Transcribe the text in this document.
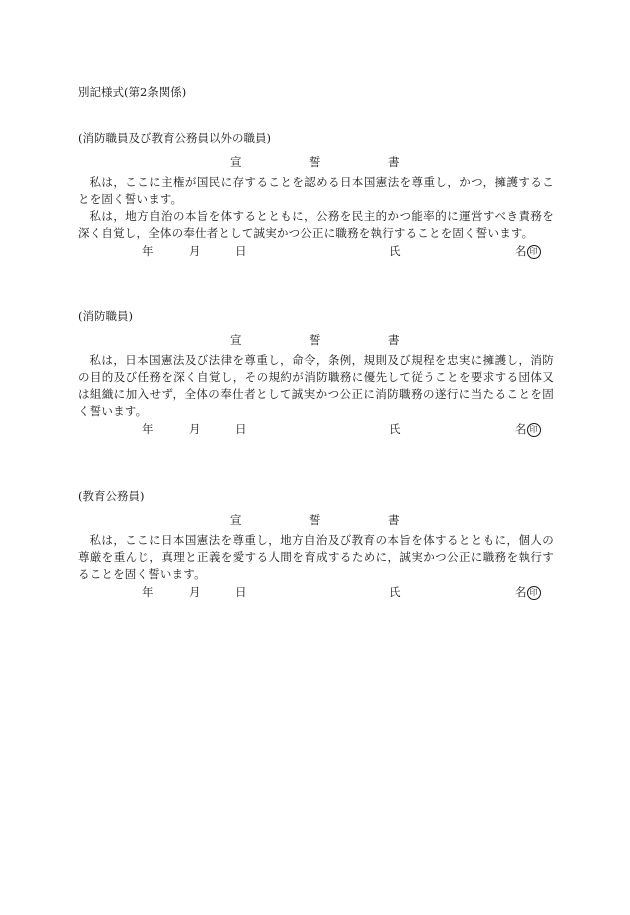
別記様式(第2条関係)
(消防職員及び教育公務員以外の職員)
宣	誓	書

私は，ここに主権が国民に存することを認める日本国憲法を尊重し，かつ，擁護することを固く誓います。

私は，地方自治の本旨を体するとともに，公務を民主的かつ能率的に運営すべき責務を深く自覚し，全体の奉仕者として誠実かつ公正に職務を執行することを固く誓います。

年	月	日	氏	名 印
(消防職員)
宣	誓	書

私は，日本国憲法及び法律を尊重し，命令，条例，規則及び規程を忠実に擁護し，消防の目的及び任務を深く自覚し，その規約が消防職務に優先して従うことを要求する団体又は組織に加入せず，全体の奉仕者として誠実かつ公正に消防職務の遂行に当たることを固く誓います。

年	月	日	氏	名 印
(教育公務員)
宣	誓	書

私は，ここに日本国憲法を尊重し，地方自治及び教育の本旨を体するとともに，個人の尊厳を重んじ，真理と正義を愛する人間を育成するために，誠実かつ公正に職務を執行することを固く誓います。

年	月	日	氏	名 印
